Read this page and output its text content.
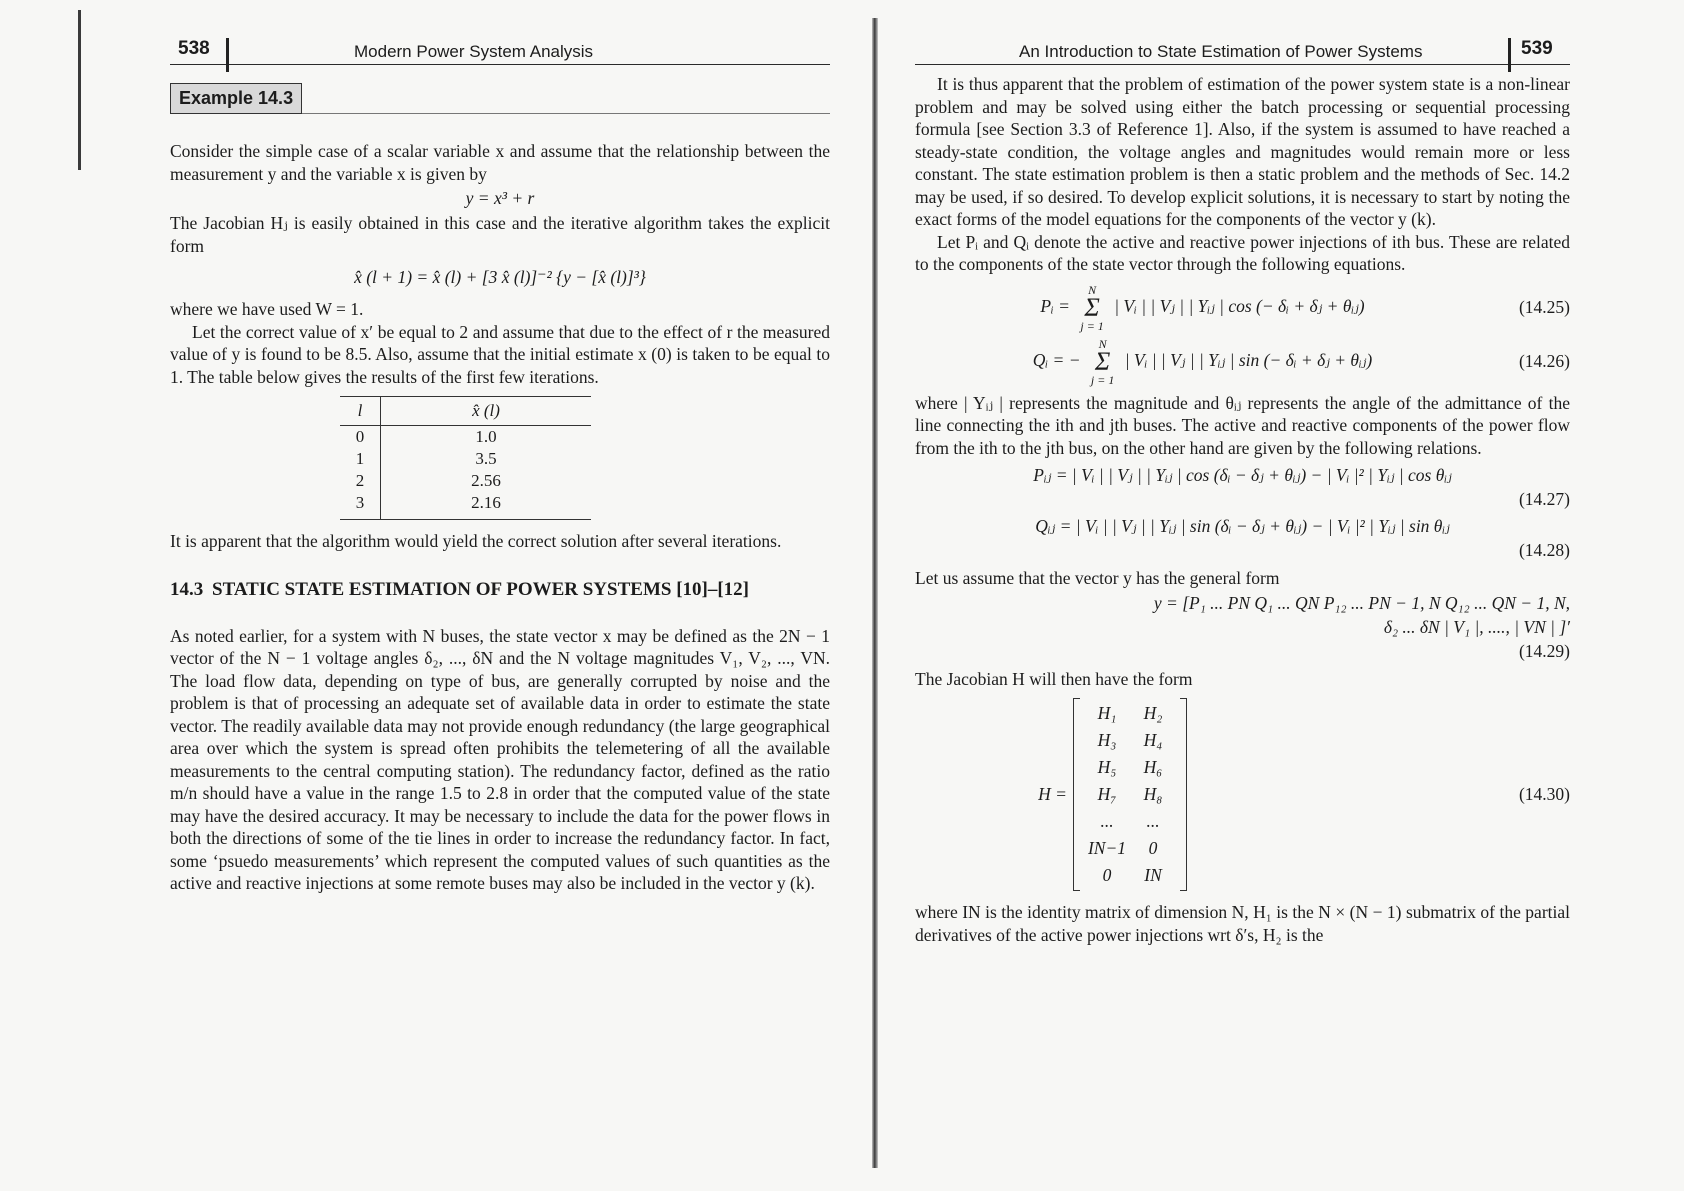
538	Modern Power System Analysis
Example 14.3

Consider the simple case of a scalar variable x and assume that the relationship between the measurement y and the variable x is given by

y = x³ + r

The Jacobian Hⱼ is easily obtained in this case and the iterative algorithm takes the explicit form

x̂ (l + 1) = x̂ (l) + [3 x̂ (l)]⁻² {y − [x̂ (l)]³}

where we have used W = 1.

Let the correct value of x′ be equal to 2 and assume that due to the effect of r the measured value of y is found to be 8.5. Also, assume that the initial estimate x (0) is taken to be equal to 1. The table below gives the results of the first few iterations.

l	x̂ (l)
0	1.0
1	3.5
2	2.56
3	2.16

It is apparent that the algorithm would yield the correct solution after several iterations.

14.3 STATIC STATE ESTIMATION OF POWER SYSTEMS [10]–[12]

As noted earlier, for a system with N buses, the state vector x may be defined as the 2N − 1 vector of the N − 1 voltage angles δ₂, ..., δN and the N voltage magnitudes V₁, V₂, ..., VN. The load flow data, depending on type of bus, are generally corrupted by noise and the problem is that of processing an adequate set of available data in order to estimate the state vector. The readily available data may not provide enough redundancy (the large geographical area over which the system is spread often prohibits the telemetering of all the available measurements to the central computing station). The redundancy factor, defined as the ratio m/n should have a value in the range 1.5 to 2.8 in order that the computed value of the state may have the desired accuracy. It may be necessary to include the data for the power flows in both the directions of some of the tie lines in order to increase the redundancy factor. In fact, some ‘psuedo measurements’ which represent the computed values of such quantities as the active and reactive injections at some remote buses may also be included in the vector y (k).

An Introduction to State Estimation of Power Systems	539

It is thus apparent that the problem of estimation of the power system state is a non-linear problem and may be solved using either the batch processing or sequential processing formula [see Section 3.3 of Reference 1]. Also, if the system is assumed to have reached a steady-state condition, the voltage angles and magnitudes would remain more or less constant. The state estimation problem is then a static problem and the methods of Sec. 14.2 may be used, if so desired. To develop explicit solutions, it is necessary to start by noting the exact forms of the model equations for the components of the vector y (k).

Let Pᵢ and Qᵢ denote the active and reactive power injections of ith bus. These are related to the components of the state vector through the following equations.

Pᵢ =
N
Σ
j = 1
| Vᵢ | | Vⱼ | | Yᵢⱼ | cos (− δᵢ + δⱼ + θᵢⱼ)	(14.25)
Qᵢ = −
N
Σ
j = 1
| Vᵢ | | Vⱼ | | Yᵢⱼ | sin (− δᵢ + δⱼ + θᵢⱼ)	(14.26)

where | Yᵢⱼ | represents the magnitude and θᵢⱼ represents the angle of the admittance of the line connecting the ith and jth buses. The active and reactive components of the power flow from the ith to the jth bus, on the other hand are given by the following relations.

Pᵢⱼ = | Vᵢ | | Vⱼ | | Yᵢⱼ | cos (δᵢ − δⱼ + θᵢⱼ) − | Vᵢ |² | Yᵢⱼ | cos θᵢⱼ
(14.27)
Qᵢⱼ = | Vᵢ | | Vⱼ | | Yᵢⱼ | sin (δᵢ − δⱼ + θᵢⱼ) − | Vᵢ |² | Yᵢⱼ | sin θᵢⱼ
(14.28)

Let us assume that the vector y has the general form

y = [P₁ ... PN Q₁ ... QN P₁₂ ... PN − 1, N Q₁₂ ... QN − 1, N,
δ₂ ... δN | V₁ |, ...., | VN | ]′
(14.29)

The Jacobian H will then have the form

H =
H₁	H₂
H₃	H₄
H₅	H₆
H₇	H₈
...	...
IN−1	0
0	IN
(14.30)

where IN is the identity matrix of dimension N, H₁ is the N × (N − 1) submatrix of the partial derivatives of the active power injections wrt δ′s, H₂ is the
